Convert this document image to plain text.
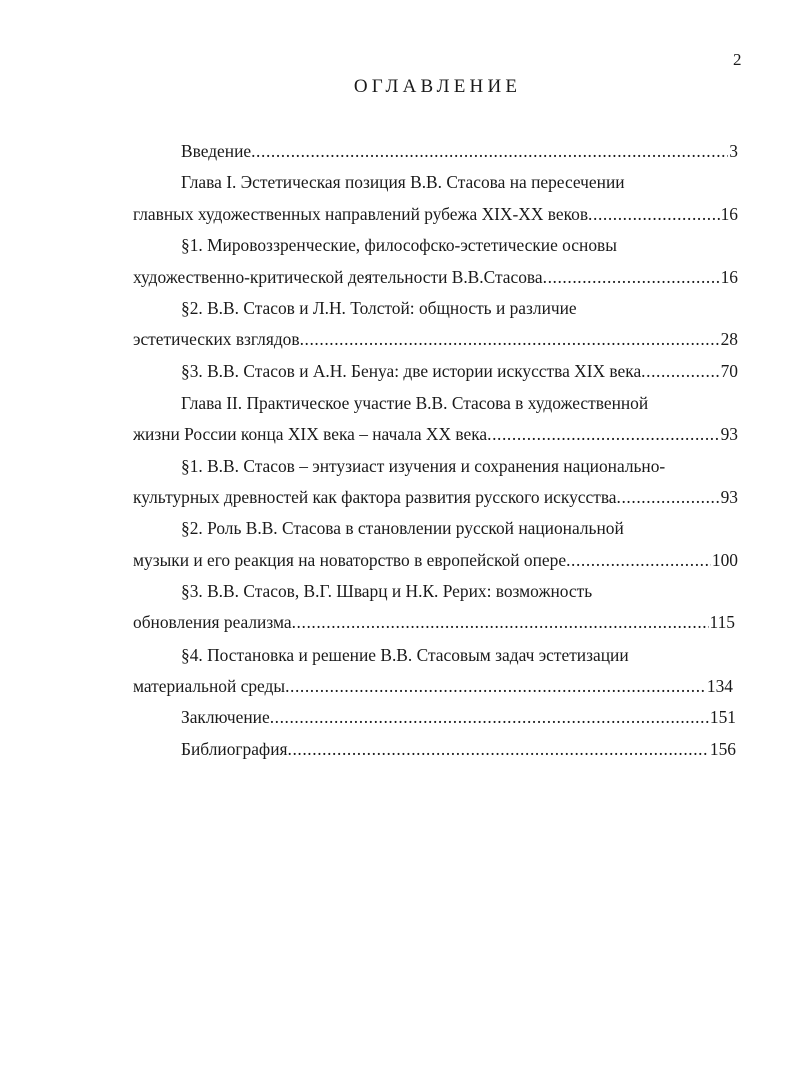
2
ОГЛАВЛЕНИЕ
Введение .....	3
Глава I. Эстетическая позиция В.В. Стасова на пересечении
главных художественных направлений рубежа XIX-XX веков .....	16
§1. Мировоззренческие, философско-эстетические основы
художественно-критической деятельности В.В.Стасова .....	16
§2. В.В. Стасов и Л.Н. Толстой: общность и различие
эстетических взглядов .....	28
§3. В.В. Стасов и А.Н. Бенуа: две истории искусства XIX века .....	70
Глава II. Практическое участие В.В. Стасова в художественной
жизни России конца XIX века – начала XX века .....	93
§1. В.В. Стасов – энтузиаст изучения и сохранения национально-
культурных древностей как фактора развития русского искусства .....	93
§2. Роль В.В. Стасова в становлении русской национальной
музыки и его реакция на новаторство в европейской опере .....	100
§3. В.В. Стасов, В.Г. Шварц и Н.К. Рерих: возможность
обновления реализма .....	115
§4. Постановка и решение В.В. Стасовым задач эстетизации
материальной среды .....	134
Заключение .....	151
Библиография .....	156
